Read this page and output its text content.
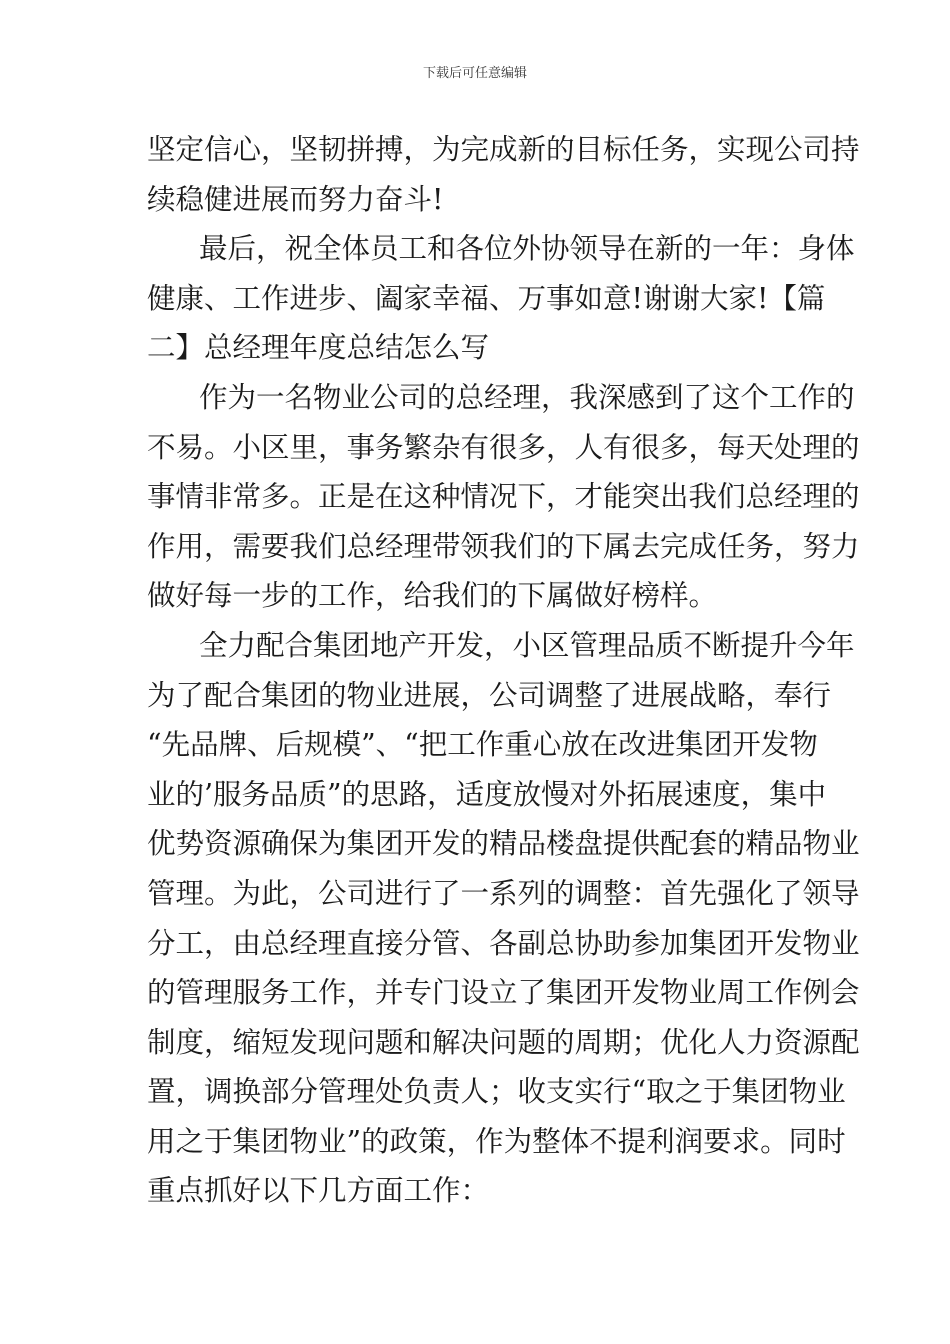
下载后可任意编辑
坚定信心，坚韧拼搏，为完成新的目标任务，实现公司持
续稳健进展而努力奋斗!
最后，祝全体员工和各位外协领导在新的一年：身体
健康、工作进步、阖家幸福、万事如意!谢谢大家!【篇
二】总经理年度总结怎么写
作为一名物业公司的总经理，我深感到了这个工作的
不易。小区里，事务繁杂有很多，人有很多，每天处理的
事情非常多。正是在这种情况下，才能突出我们总经理的
作用，需要我们总经理带领我们的下属去完成任务，努力
做好每一步的工作，给我们的下属做好榜样。
全力配合集团地产开发，小区管理品质不断提升今年
为了配合集团的物业进展，公司调整了进展战略，奉行
“先品牌、后规模”、“把工作重心放在改进集团开发物
业的’服务品质”的思路，适度放慢对外拓展速度，集中
优势资源确保为集团开发的精品楼盘提供配套的精品物业
管理。为此，公司进行了一系列的调整：首先强化了领导
分工，由总经理直接分管、各副总协助参加集团开发物业
的管理服务工作，并专门设立了集团开发物业周工作例会
制度，缩短发现问题和解决问题的周期；优化人力资源配
置，调换部分管理处负责人；收支实行“取之于集团物业
用之于集团物业”的政策，作为整体不提利润要求。同时
重点抓好以下几方面工作：
